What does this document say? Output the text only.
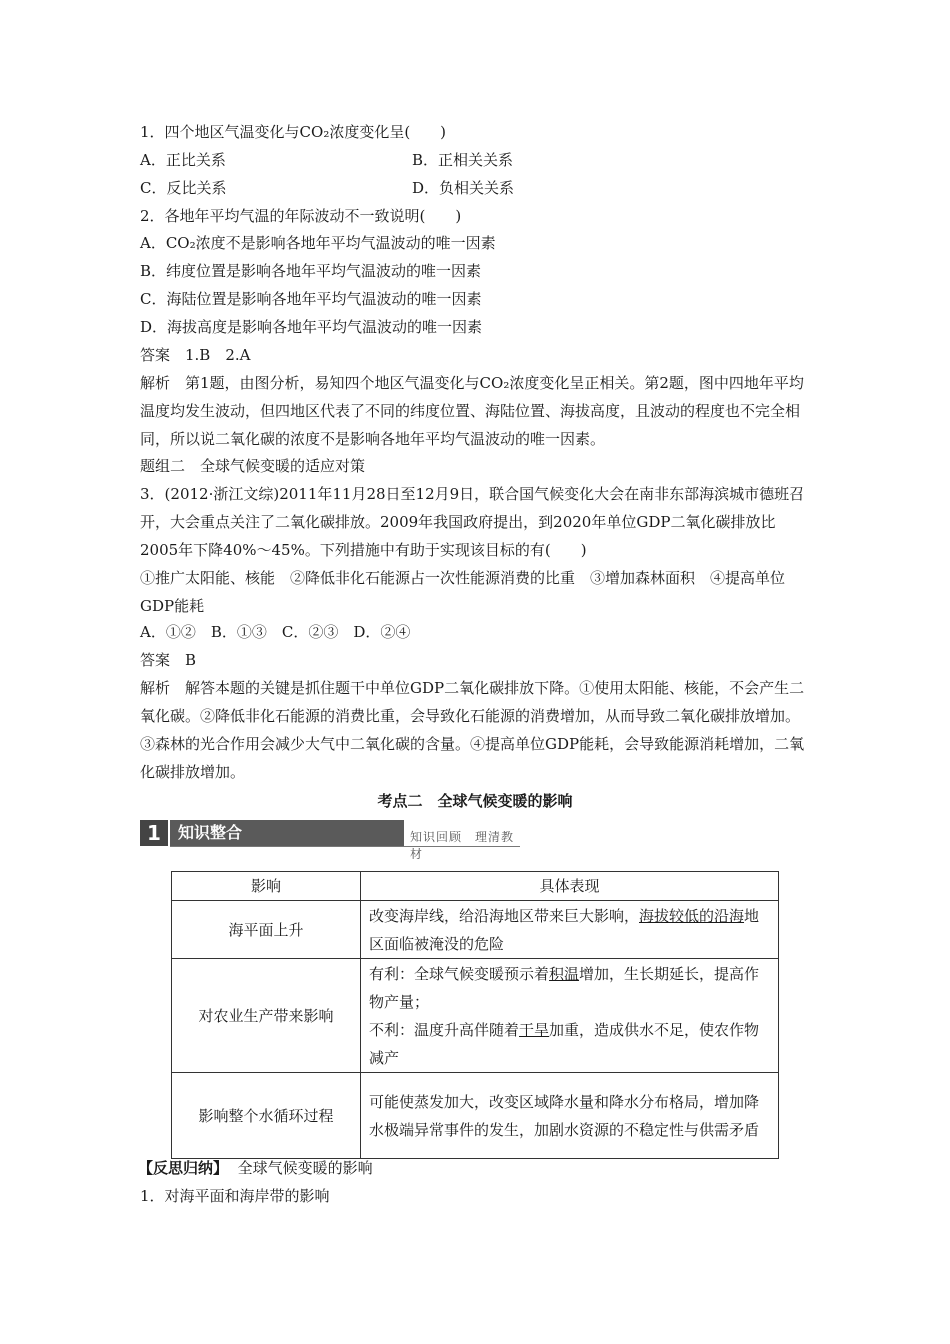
1．四个地区气温变化与CO₂浓度变化呈(　　)
A．正比关系	B．正相关关系
C．反比关系	D．负相关关系
2．各地年平均气温的年际波动不一致说明(　　)
A．CO₂浓度不是影响各地年平均气温波动的唯一因素
B．纬度位置是影响各地年平均气温波动的唯一因素
C．海陆位置是影响各地年平均气温波动的唯一因素
D．海拔高度是影响各地年平均气温波动的唯一因素
答案　1.B　2.A
解析　第1题，由图分析，易知四个地区气温变化与CO₂浓度变化呈正相关。第2题，图中四地年平均温度均发生波动，但四地区代表了不同的纬度位置、海陆位置、海拔高度，且波动的程度也不完全相同，所以说二氧化碳的浓度不是影响各地年平均气温波动的唯一因素。
题组二　全球气候变暖的适应对策
3．(2012·浙江文综)2011年11月28日至12月9日，联合国气候变化大会在南非东部海滨城市德班召开，大会重点关注了二氧化碳排放。2009年我国政府提出，到2020年单位GDP二氧化碳排放比2005年下降40%～45%。下列措施中有助于实现该目标的有(　　)
①推广太阳能、核能　②降低非化石能源占一次性能源消费的比重　③增加森林面积　④提高单位GDP能耗
A．①②　B．①③　C．②③　D．②④
答案　B
解析　解答本题的关键是抓住题干中单位GDP二氧化碳排放下降。①使用太阳能、核能，不会产生二氧化碳。②降低非化石能源的消费比重，会导致化石能源的消费增加，从而导致二氧化碳排放增加。③森林的光合作用会减少大气中二氧化碳的含量。④提高单位GDP能耗，会导致能源消耗增加，二氧化碳排放增加。
考点二　全球气候变暖的影响
1	知识整合	知识回顾　理清教材
影响	具体表现
海平面上升	改变海岸线，给沿海地区带来巨大影响，海拔较低的沿海地区面临被淹没的危险
对农业生产带来影响	有利：全球气候变暖预示着积温增加，生长期延长，提高作物产量；
不利：温度升高伴随着干旱加重，造成供水不足，使农作物减产

影响整个水循环过程	可能使蒸发加大，改变区域降水量和降水分布格局，增加降水极端异常事件的发生，加剧水资源的不稳定性与供需矛盾
【反思归纳】 全球气候变暖的影响
1．对海平面和海岸带的影响
